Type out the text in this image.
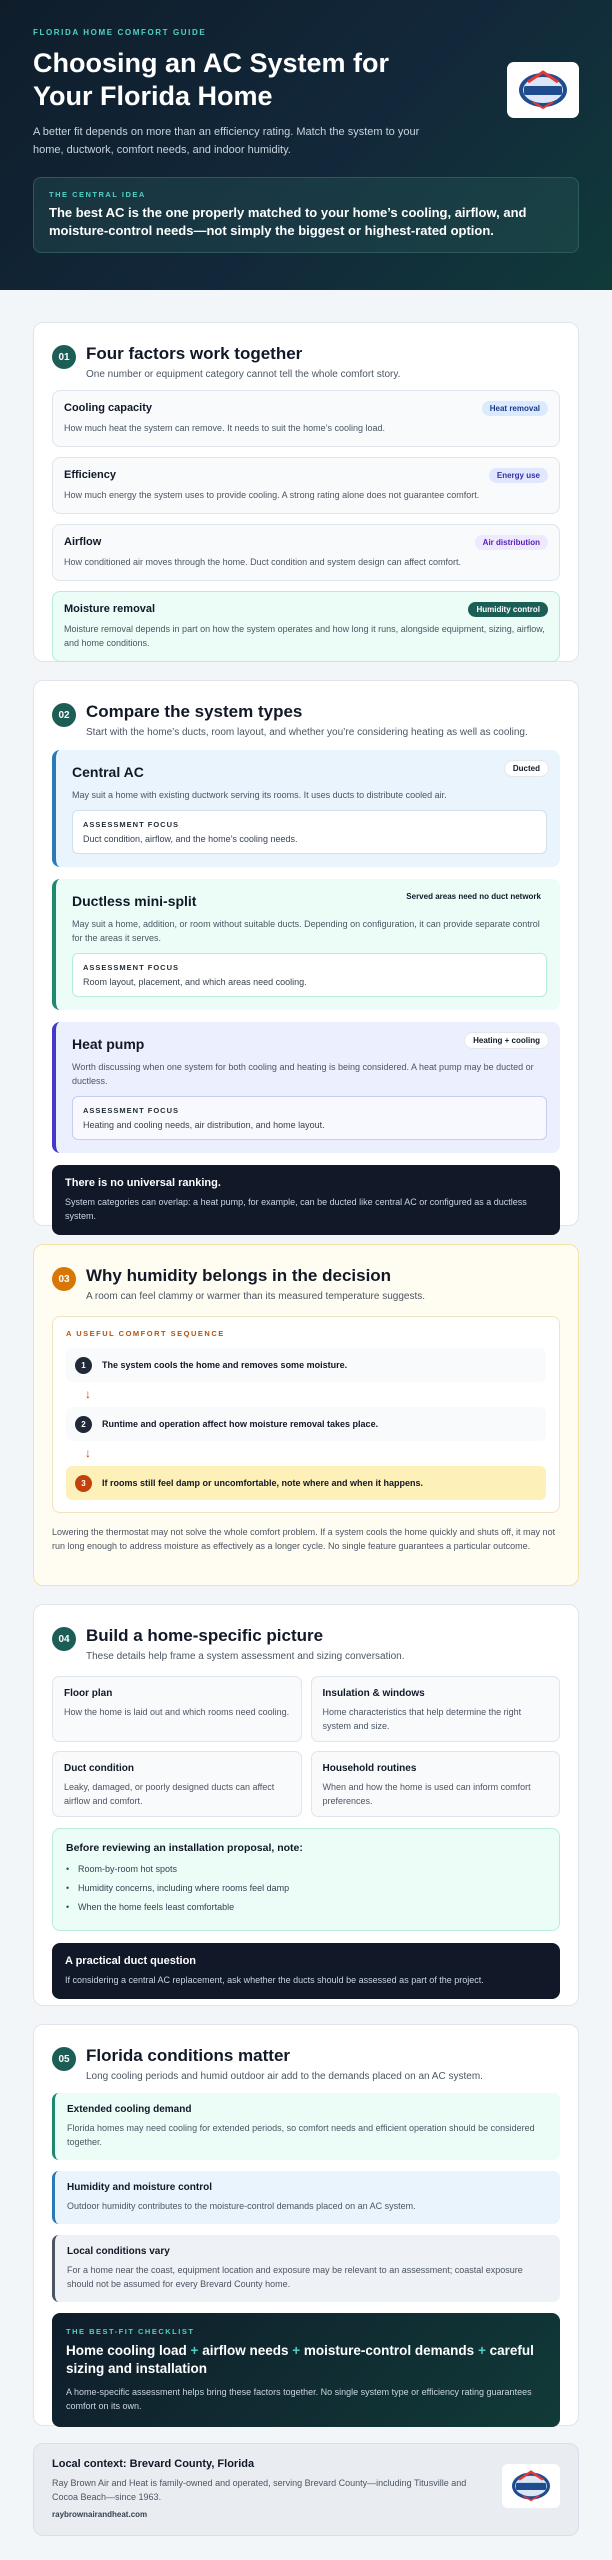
FLORIDA HOME COMFORT GUIDE
Choosing an AC System for Your Florida Home
A better fit depends on more than an efficiency rating. Match the system to your home, ductwork, comfort needs, and indoor humidity.
THE CENTRAL IDEA
The best AC is the one properly matched to your home’s cooling, airflow, and moisture-control needs—not simply the biggest or highest-rated option.
01 Four factors work together
One number or equipment category cannot tell the whole comfort story.
Cooling capacity
How much heat the system can remove. It needs to suit the home’s cooling load.
Heat removal
Efficiency
How much energy the system uses to provide cooling. A strong rating alone does not guarantee comfort.
Energy use
Airflow
How conditioned air moves through the home. Duct condition and system design can affect comfort.
Air distribution
Moisture removal
Moisture removal depends in part on how the system operates and how long it runs, alongside equipment, sizing, airflow, and home conditions.
Humidity control
02 Compare the system types
Start with the home’s ducts, room layout, and whether you’re considering heating as well as cooling.
Central AC	Ducted
May suit a home with existing ductwork serving its rooms. It uses ducts to distribute cooled air.
ASSESSMENT FOCUS
Duct condition, airflow, and the home’s cooling needs.
Ductless mini-split	Served areas need no duct network
May suit a home, addition, or room without suitable ducts. Depending on configuration, it can provide separate control for the areas it serves.
ASSESSMENT FOCUS
Room layout, placement, and which areas need cooling.
Heat pump	Heating + cooling
Worth discussing when one system for both cooling and heating is being considered. A heat pump may be ducted or ductless.
ASSESSMENT FOCUS
Heating and cooling needs, air distribution, and home layout.
There is no universal ranking.
System categories can overlap: a heat pump, for example, can be ducted like central AC or configured as a ductless system.
03 Why humidity belongs in the decision
A room can feel clammy or warmer than its measured temperature suggests.
A USEFUL COMFORT SEQUENCE
1	The system cools the home and removes some moisture.
↓
2	Runtime and operation affect how moisture removal takes place.
↓
3	If rooms still feel damp or uncomfortable, note where and when it happens.
Lowering the thermostat may not solve the whole comfort problem. If a system cools the home quickly and shuts off, it may not run long enough to address moisture as effectively as a longer cycle. No single feature guarantees a particular outcome.
04 Build a home-specific picture
These details help frame a system assessment and sizing conversation.
Floor plan
How the home is laid out and which rooms need cooling.
Insulation & windows
Home characteristics that help determine the right system and size.
Duct condition
Leaky, damaged, or poorly designed ducts can affect airflow and comfort.
Household routines
When and how the home is used can inform comfort preferences.
Before reviewing an installation proposal, note:
• Room-by-room hot spots
• Humidity concerns, including where rooms feel damp
• When the home feels least comfortable
A practical duct question
If considering a central AC replacement, ask whether the ducts should be assessed as part of the project.
05 Florida conditions matter
Long cooling periods and humid outdoor air add to the demands placed on an AC system.
Extended cooling demand
Florida homes may need cooling for extended periods, so comfort needs and efficient operation should be considered together.
Humidity and moisture control
Outdoor humidity contributes to the moisture-control demands placed on an AC system.
Local conditions vary
For a home near the coast, equipment location and exposure may be relevant to an assessment; coastal exposure should not be assumed for every Brevard County home.
THE BEST-FIT CHECKLIST
Home cooling load + airflow needs + moisture-control demands + careful sizing and installation
A home-specific assessment helps bring these factors together. No single system type or efficiency rating guarantees comfort on its own.
Local context: Brevard County, Florida
Ray Brown Air and Heat is family-owned and operated, serving Brevard County—including Titusville and Cocoa Beach—since 1963.
raybrownairandheat.com
